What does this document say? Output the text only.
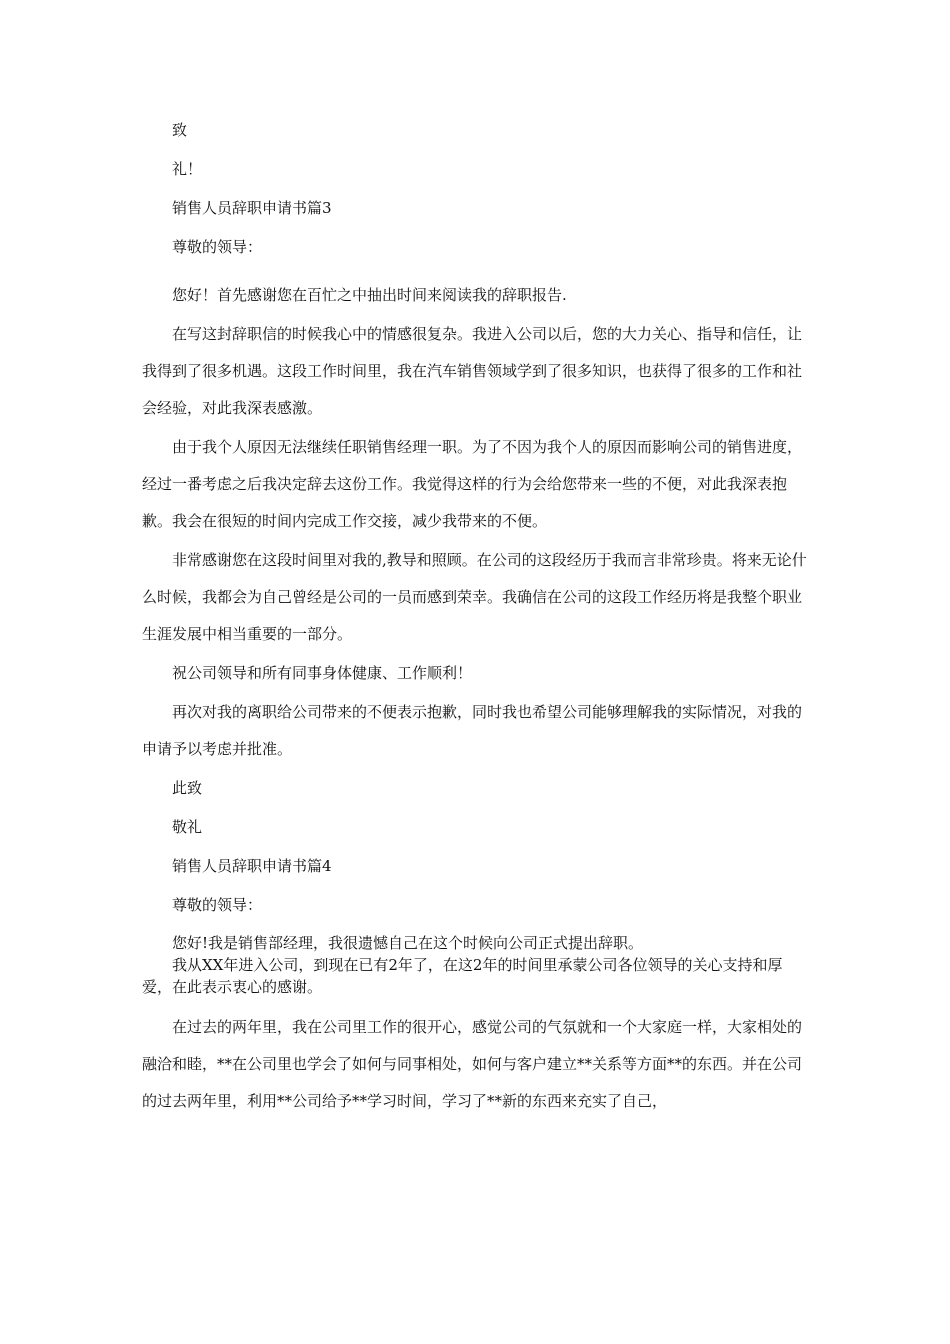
致

礼！

销售人员辞职申请书篇3

尊敬的领导：

您好！首先感谢您在百忙之中抽出时间来阅读我的辞职报告.

在写这封辞职信的时候我心中的情感很复杂。我进入公司以后，您的大力关心、指导和信任，让我得到了很多机遇。这段工作时间里，我在汽车销售领域学到了很多知识，也获得了很多的工作和社会经验，对此我深表感激。

由于我个人原因无法继续任职销售经理一职。为了不因为我个人的原因而影响公司的销售进度，经过一番考虑之后我决定辞去这份工作。我觉得这样的行为会给您带来一些的不便，对此我深表抱歉。我会在很短的时间内完成工作交接，减少我带来的不便。

非常感谢您在这段时间里对我的,教导和照顾。在公司的这段经历于我而言非常珍贵。将来无论什么时候，我都会为自己曾经是公司的一员而感到荣幸。我确信在公司的这段工作经历将是我整个职业生涯发展中相当重要的一部分。

祝公司领导和所有同事身体健康、工作顺利！

再次对我的离职给公司带来的不便表示抱歉，同时我也希望公司能够理解我的实际情况，对我的申请予以考虑并批准。

此致

敬礼

销售人员辞职申请书篇4

尊敬的领导：

您好!我是销售部经理，我很遗憾自己在这个时候向公司正式提出辞职。

我从XX年进入公司，到现在已有2年了，在这2年的时间里承蒙公司各位领导的关心支持和厚爱，在此表示衷心的感谢。

在过去的两年里，我在公司里工作的很开心，感觉公司的气氛就和一个大家庭一样，大家相处的融洽和睦，**在公司里也学会了如何与同事相处，如何与客户建立**关系等方面**的东西。并在公司的过去两年里，利用**公司给予**学习时间，学习了**新的东西来充实了自己，
